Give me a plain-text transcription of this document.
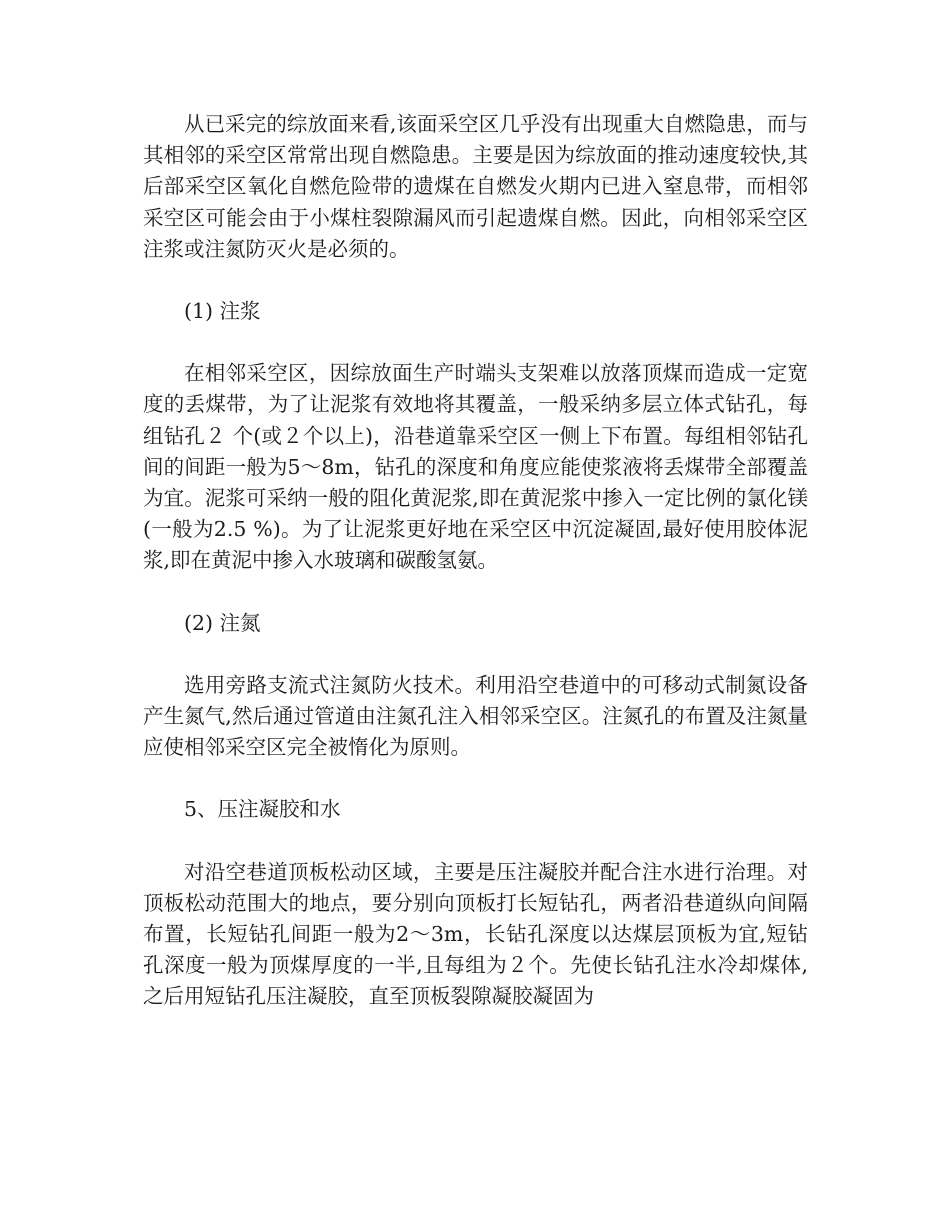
从已采完的综放面来看,该面采空区几乎没有出现重大自燃隐患，而与其相邻的采空区常常出现自燃隐患。主要是因为综放面的推动速度较快,其后部采空区氧化自燃危险带的遗煤在自燃发火期内已进入窒息带，而相邻采空区可能会由于小煤柱裂隙漏风而引起遗煤自燃。因此，向相邻采空区注浆或注氮防灭火是必须的。

(1) 注浆

在相邻采空区，因综放面生产时端头支架难以放落顶煤而造成一定宽度的丢煤带，为了让泥浆有效地将其覆盖，一般采纳多层立体式钻孔，每组钻孔２ 个(或２个以上)，沿巷道靠采空区一侧上下布置。每组相邻钻孔间的间距一般为5～8m，钻孔的深度和角度应能使浆液将丢煤带全部覆盖为宜。泥浆可采纳一般的阻化黄泥浆,即在黄泥浆中掺入一定比例的氯化镁(一般为2.5 %)。为了让泥浆更好地在采空区中沉淀凝固,最好使用胶体泥浆,即在黄泥中掺入水玻璃和碳酸氢氨。

(2) 注氮

选用旁路支流式注氮防火技术。利用沿空巷道中的可移动式制氮设备产生氮气,然后通过管道由注氮孔注入相邻采空区。注氮孔的布置及注氮量应使相邻采空区完全被惰化为原则。

5、压注凝胶和水

对沿空巷道顶板松动区域，主要是压注凝胶并配合注水进行治理。对顶板松动范围大的地点，要分别向顶板打长短钻孔，两者沿巷道纵向间隔布置，长短钻孔间距一般为2～3m，长钻孔深度以达煤层顶板为宜,短钻孔深度一般为顶煤厚度的一半,且每组为２个。先使长钻孔注水冷却煤体,之后用短钻孔压注凝胶，直至顶板裂隙凝胶凝固为
